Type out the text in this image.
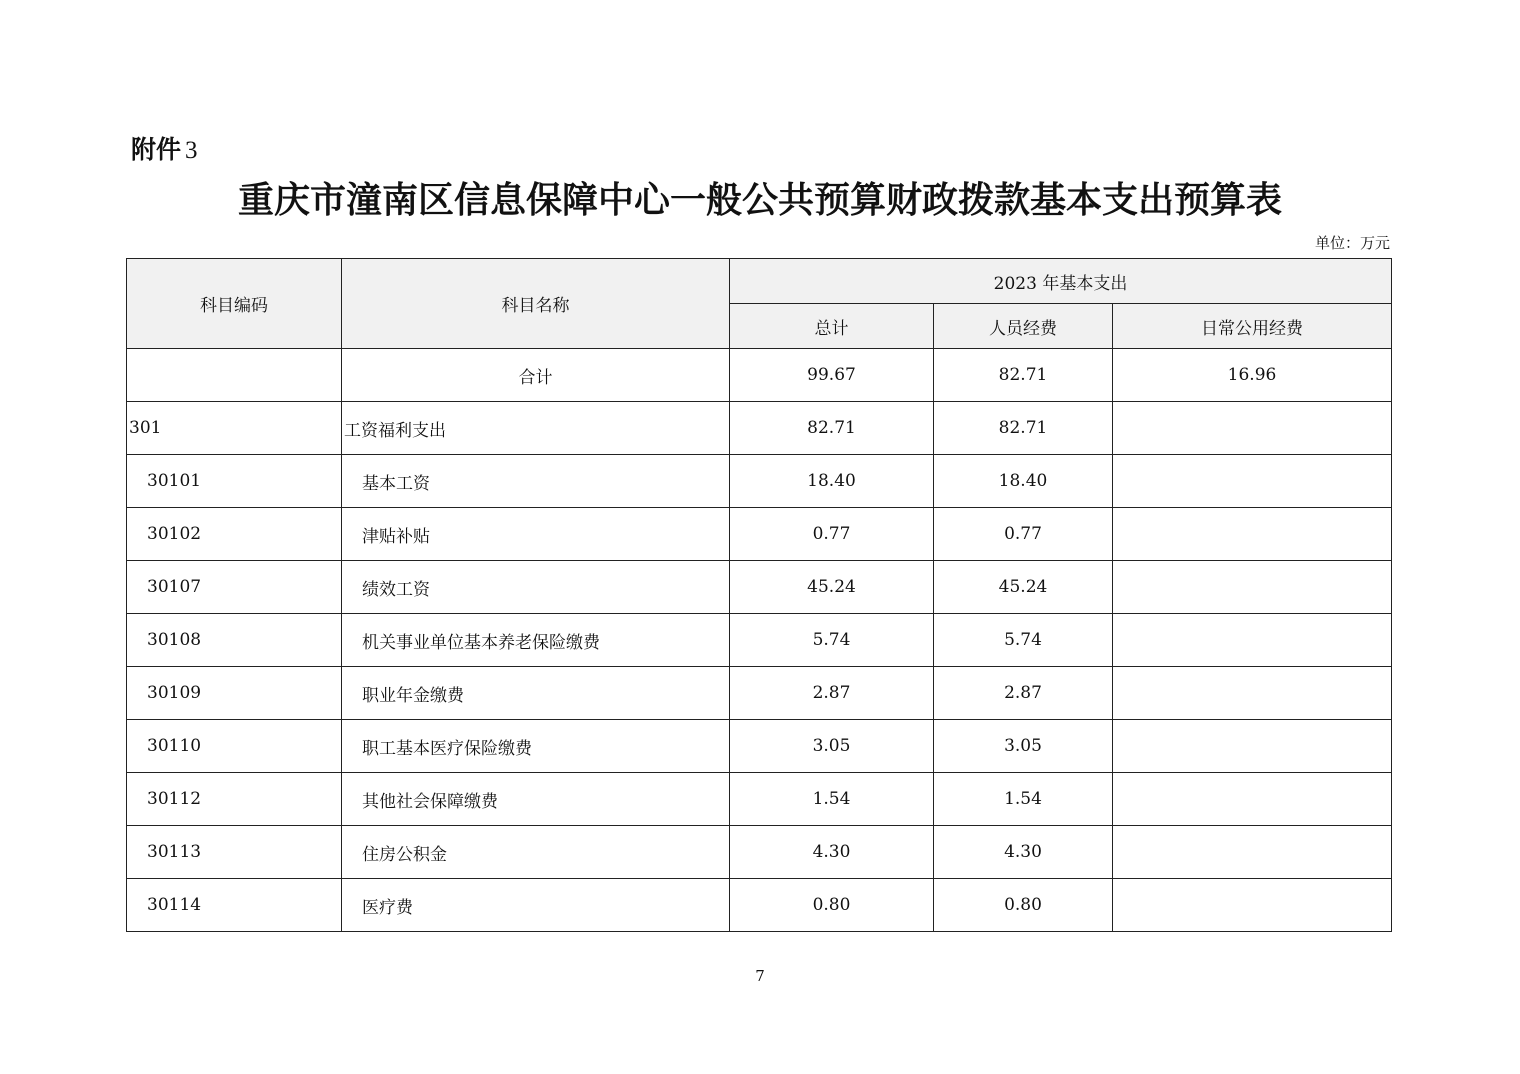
附件 3
重庆市潼南区信息保障中心一般公共预算财政拨款基本支出预算表
单位：万元
科目编码	科目名称	2023 年基本支出		
		总计	人员经费	日常公用经费
	合计	99.67	82.71	16.96
301	工资福利支出	82.71	82.71	
30101	基本工资	18.40	18.40	
30102	津贴补贴	0.77	0.77	
30107	绩效工资	45.24	45.24	
30108	机关事业单位基本养老保险缴费	5.74	5.74	
30109	职业年金缴费	2.87	2.87	
30110	职工基本医疗保险缴费	3.05	3.05	
30112	其他社会保障缴费	1.54	1.54	
30113	住房公积金	4.30	4.30	
30114	医疗费	0.80	0.80	
7
